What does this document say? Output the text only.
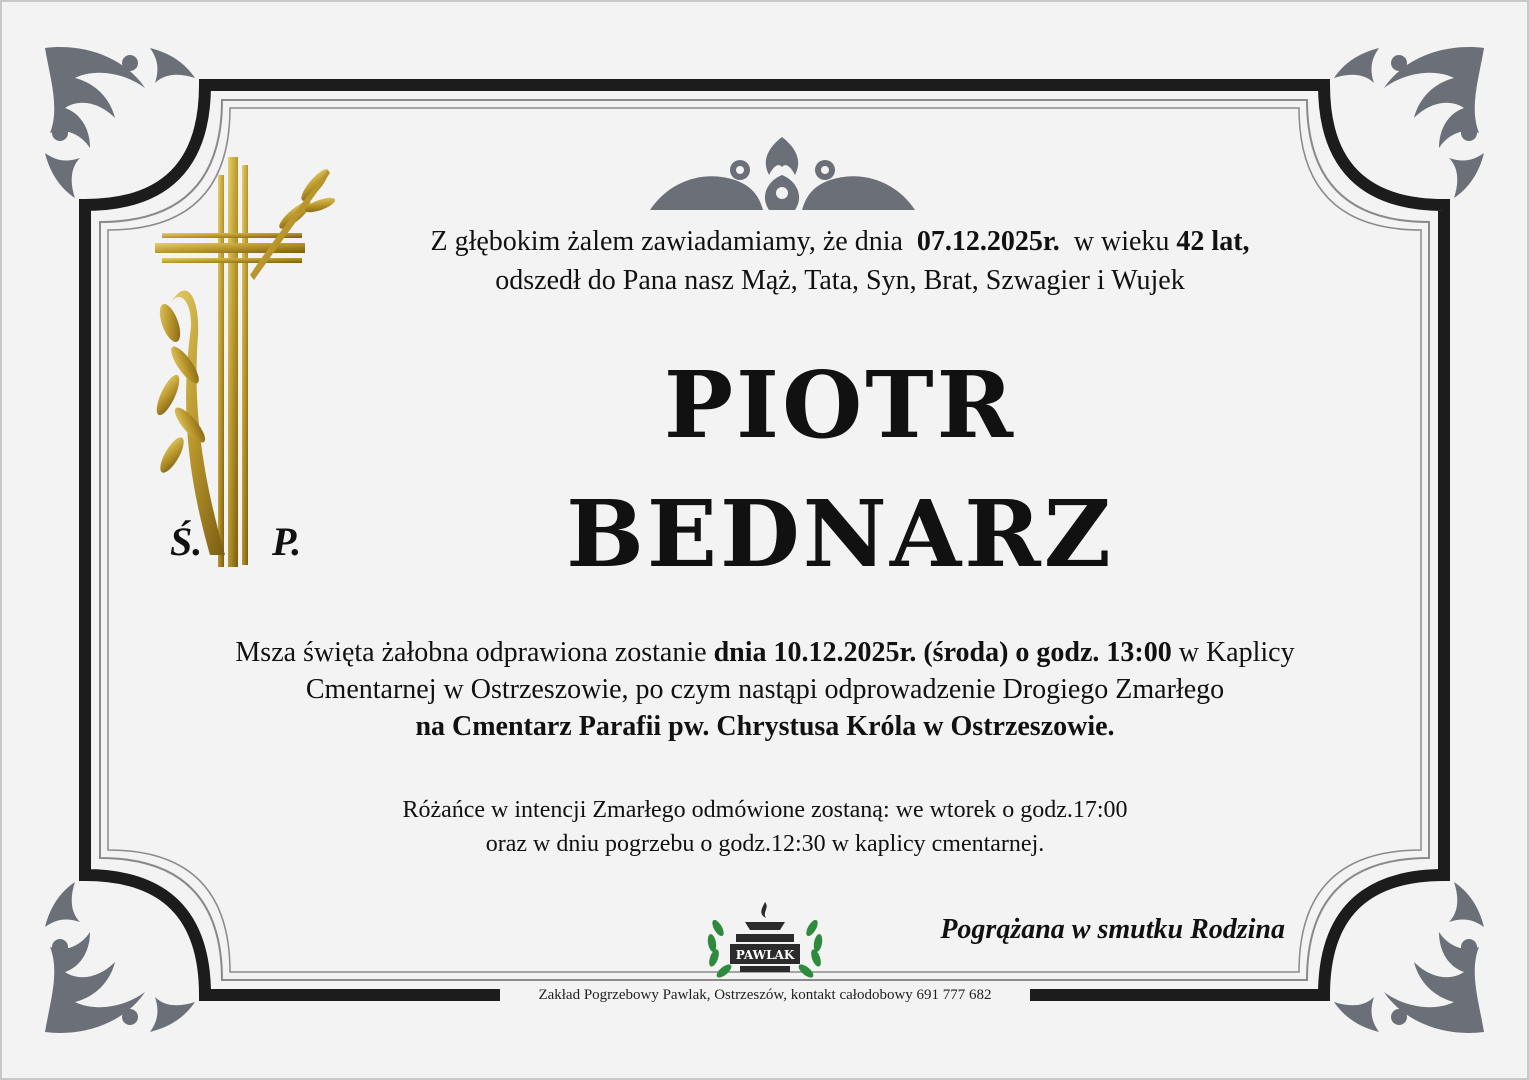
Ś. P.
Z głębokim żalem zawiadamiamy, że dnia 07.12.2025r. w wieku 42 lat,
odszedł do Pana nasz Mąż, Tata, Syn, Brat, Szwagier i Wujek
PIOTR
BEDNARZ
Msza święta żałobna odprawiona zostanie dnia 10.12.2025r. (środa) o godz. 13:00 w Kaplicy
Cmentarnej w Ostrzeszowie, po czym nastąpi odprowadzenie Drogiego Zmarłego
na Cmentarz Parafii pw. Chrystusa Króla w Ostrzeszowie.
Różańce w intencji Zmarłego odmówione zostaną: we wtorek o godz.17:00
oraz w dniu pogrzebu o godz.12:30 w kaplicy cmentarnej.
PAWLAK
Pogrążana w smutku Rodzina
Zakład Pogrzebowy Pawlak, Ostrzeszów, kontakt całodobowy 691 777 682
